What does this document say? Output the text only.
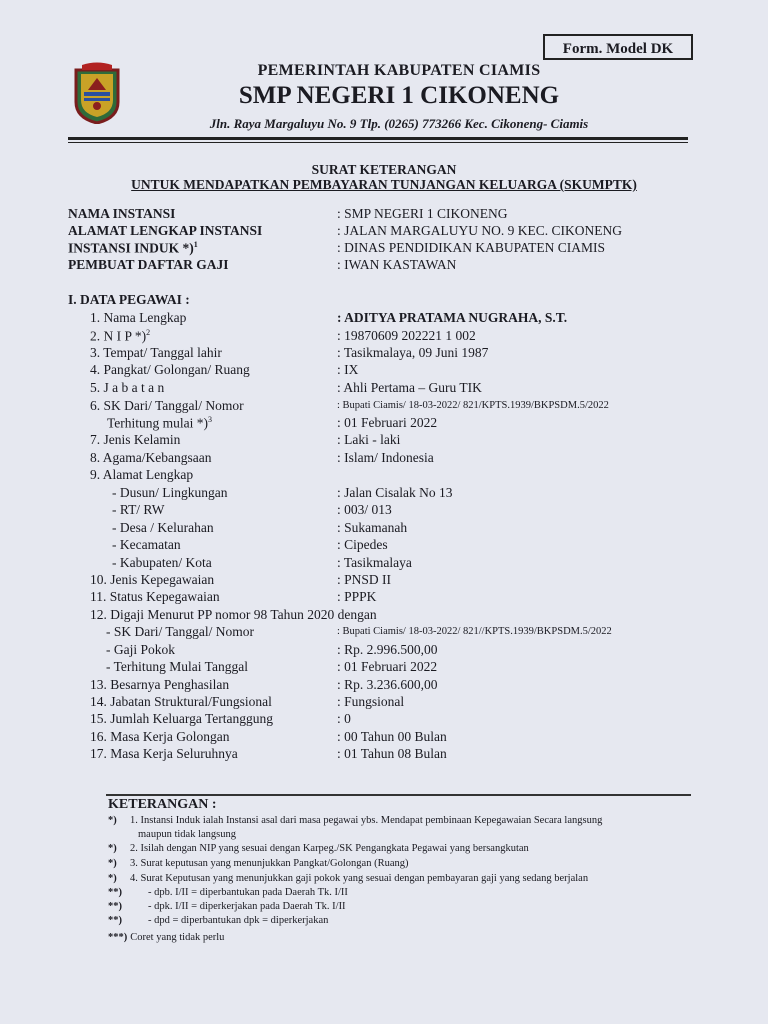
Form. Model DK
PEMERINTAH KABUPATEN CIAMIS
SMP NEGERI 1 CIKONENG
Jln. Raya Margaluyu No. 9 Tlp. (0265) 773266 Kec. Cikoneng- Ciamis
SURAT KETERANGAN
UNTUK MENDAPATKAN PEMBAYARAN TUNJANGAN KELUARGA (SKUMPTK)
NAMA INSTANSI	: SMP NEGERI 1 CIKONENG
ALAMAT LENGKAP INSTANSI	: JALAN MARGALUYU NO. 9 KEC. CIKONENG
INSTANSI INDUK *)$^1$	: DINAS PENDIDIKAN KABUPATEN CIAMIS
PEMBUAT DAFTAR GAJI	: IWAN KASTAWAN
I. DATA PEGAWAI :
1. Nama Lengkap	: ADITYA PRATAMA NUGRAHA, S.T.
2. N I P *)$^2$	: 19870609 202221 1 002
3. Tempat/ Tanggal lahir	: Tasikmalaya, 09 Juni 1987
4. Pangkat/ Golongan/ Ruang	: IX
5. J a b a t a n	: Ahli Pertama – Guru TIK
6. SK Dari/ Tanggal/ Nomor	: Bupati Ciamis/ 18-03-2022/ 821/KPTS.1939/BKPSDM.5/2022
Terhitung mulai *)$^3$	: 01 Februari 2022
7. Jenis Kelamin	: Laki - laki
8. Agama/Kebangsaan	: Islam/ Indonesia
9. Alamat Lengkap
- Dusun/ Lingkungan	: Jalan Cisalak No 13
- RT/ RW	: 003/ 013
- Desa / Kelurahan	: Sukamanah
- Kecamatan	: Cipedes
- Kabupaten/ Kota	: Tasikmalaya
10. Jenis Kepegawaian	: PNSD II
11. Status Kepegawaian	: PPPK
12. Digaji Menurut PP nomor 98 Tahun 2020 dengan
- SK Dari/ Tanggal/ Nomor	: Bupati Ciamis/ 18-03-2022/ 821//KPTS.1939/BKPSDM.5/2022
- Gaji Pokok	: Rp. 2.996.500,00
- Terhitung Mulai Tanggal	: 01 Februari 2022
13. Besarnya Penghasilan	: Rp. 3.236.600,00
14. Jabatan Struktural/Fungsional	: Fungsional
15. Jumlah Keluarga Tertanggung	: 0
16. Masa Kerja Golongan	: 00 Tahun 00 Bulan
17. Masa Kerja Seluruhnya	: 01 Tahun 08 Bulan
KETERANGAN :
*) 1. Instansi Induk ialah Instansi asal dari masa pegawai ybs. Mendapat pembinaan Kepegawaian Secara langsung
maupun tidak langsung
*) 2. Isilah dengan NIP yang sesuai dengan Karpeg./SK Pengangkata Pegawai yang bersangkutan
*) 3. Surat keputusan yang menunjukkan Pangkat/Golongan (Ruang)
*) 4. Surat Keputusan yang menunjukkan gaji pokok yang sesuai dengan pembayaran gaji yang sedang berjalan
**) - dpb. I/II = diperbantukan pada Daerah Tk. I/II
**) - dpk. I/II = diperkerjakan pada Daerah Tk. I/II
**) - dpd = diperbantukan dpk = diperkerjakan
***) Coret yang tidak perlu
